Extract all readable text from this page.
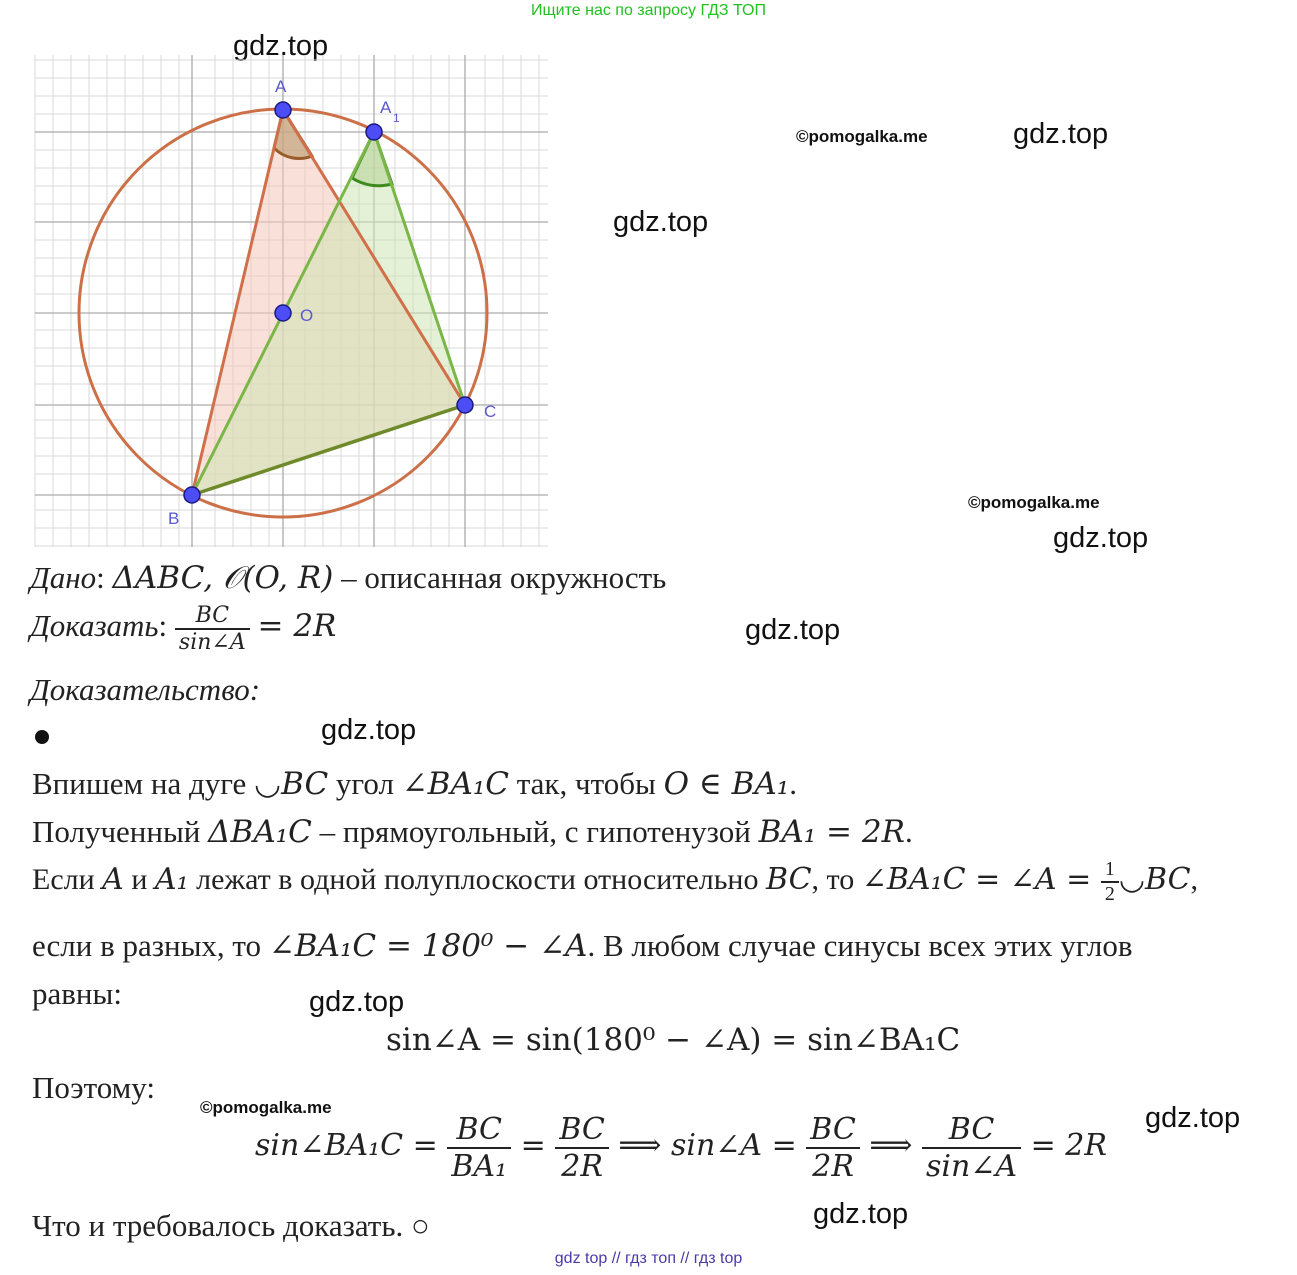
Ищите нас по запросу ГДЗ ТОП
gdz.top
gdz.top
gdz.top
gdz.top
gdz.top
gdz.top
gdz.top
gdz.top
gdz.top
©pomogalka.me
©pomogalka.me
©pomogalka.me
A
A
1
O
B
C
Дано: ΔABC, 𝒪(O, R) – описанная окружность
Доказать: $\frac{BC}{\sin\angle A} = 2R$
Доказательство:
Впишем на дуге ◡BC угол ∠BA₁C так, чтобы O ∈ BA₁.
Полученный ΔBA₁C – прямоугольный, с гипотенузой BA₁ = 2R.
Если A и A₁ лежат в одной полуплоскости относительно BC, то ∠BA₁C = ∠A = $\frac{1}{2}$ ◡BC,
если в разных, то ∠BA₁C = 180⁰ − ∠A. В любом случае синусы всех этих углов
равны:
sin∠A = sin(180⁰ − ∠A) = sin∠BA₁C
Поэтому:
sin∠BA₁C = $\frac{BC}{\text{BA₁}} = \frac{BC}{2R}$ ⟹ sin∠A = $\frac{BC}{2R}$ ⟹ $\frac{BC}{\sin\angle A} = 2R$
Что и требовалось доказать. ○
gdz top // гдз топ // гдз top
